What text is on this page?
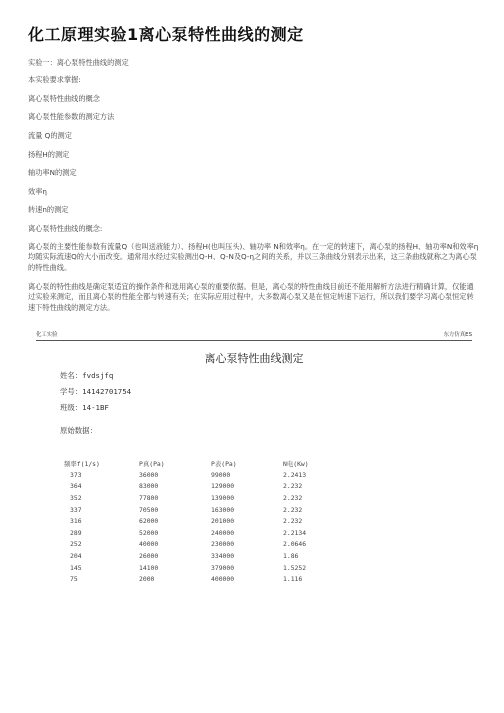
化工原理实验1离心泵特性曲线的测定
实验一：离心泵特性曲线的测定
本实验要求掌握:
离心泵特性曲线的概念
离心泵性能参数的测定方法
流量 Q的测定
扬程H的测定
轴功率N的测定
效率η
转速n的测定
离心泵特性曲线的概念:
离心泵的主要性能参数有流量Q（也叫送液能力）、扬程H(也叫压头)、轴功率 N和效率η。在一定的转速下，离心泵的扬程H、轴功率N和效率η均随实际流速Q的大小而改变。通常用水经过实验测出Q-H、Q-N及Q-η之间的关系，并以三条曲线分别表示出来，这三条曲线就称之为离心泵的特性曲线。
离心泵的特性曲线是确定泵适宜的操作条件和选用离心泵的重要依据。但是，离心泵的特性曲线目前还不能用解析方法进行精确计算，仅能通过实验来测定，而且离心泵的性能全都与转速有关；在实际应用过程中，大多数离心泵又是在恒定转速下运行，所以我们要学习离心泵恒定转速下特性曲线的测定方法。
化工实验	东方仿真ES
离心泵特性曲线测定
姓名：fvdsjfq
学号：14142701754
班级：14-1BF
原始数据：
频率f(1/s)	P真(Pa)	P表(Pa)	N电(Kw)
373	36000	99000	2.2413
364	83000	129000	2.232
352	77800	139000	2.232
337	70500	163000	2.232
316	62000	201000	2.232
289	52000	240000	2.2134
252	40000	230000	2.0646
204	26000	334000	1.86
145	14100	379000	1.5252
75	2000	400000	1.116
